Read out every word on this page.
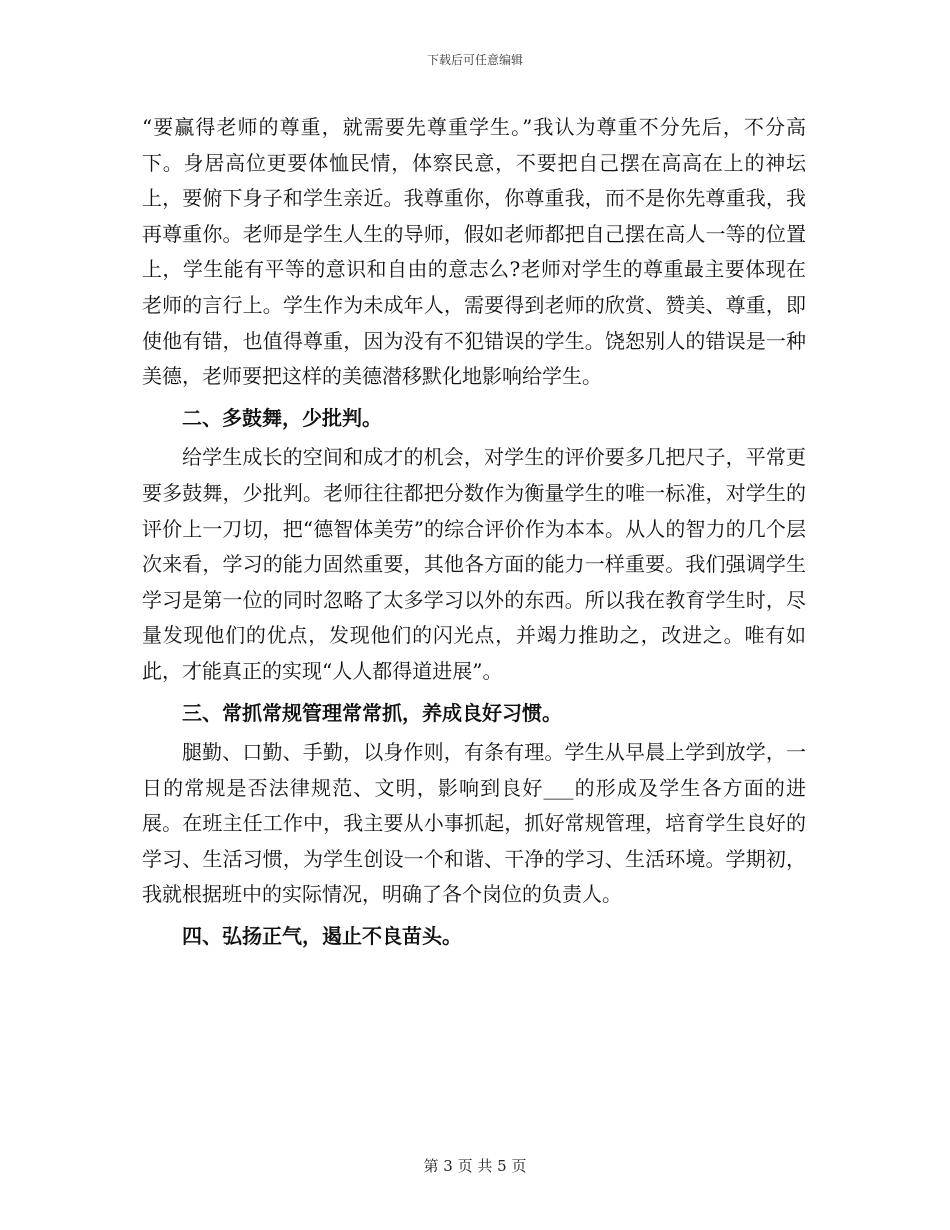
下载后可任意编辑

“要赢得老师的尊重，就需要先尊重学生。”我认为尊重不分先后，不分高下。身居高位更要体恤民情，体察民意，不要把自己摆在高高在上的神坛上，要俯下身子和学生亲近。我尊重你，你尊重我，而不是你先尊重我，我再尊重你。老师是学生人生的导师，假如老师都把自己摆在高人一等的位置上，学生能有平等的意识和自由的意志么?老师对学生的尊重最主要体现在老师的言行上。学生作为未成年人，需要得到老师的欣赏、赞美、尊重，即使他有错，也值得尊重，因为没有不犯错误的学生。饶恕别人的错误是一种美德，老师要把这样的美德潜移默化地影响给学生。

二、多鼓舞，少批判。

给学生成长的空间和成才的机会，对学生的评价要多几把尺子，平常更要多鼓舞，少批判。老师往往都把分数作为衡量学生的唯一标准，对学生的评价上一刀切，把“德智体美劳”的综合评价作为本本。从人的智力的几个层次来看，学习的能力固然重要，其他各方面的能力一样重要。我们强调学生学习是第一位的同时忽略了太多学习以外的东西。所以我在教育学生时，尽量发现他们的优点，发现他们的闪光点，并竭力推助之，改进之。唯有如此，才能真正的实现“人人都得道进展”。

三、常抓常规管理常常抓，养成良好习惯。

腿勤、口勤、手勤，以身作则，有条有理。学生从早晨上学到放学，一日的常规是否法律规范、文明，影响到良好___的形成及学生各方面的进展。在班主任工作中，我主要从小事抓起，抓好常规管理，培育学生良好的学习、生活习惯，为学生创设一个和谐、干净的学习、生活环境。学期初，我就根据班中的实际情况，明确了各个岗位的负责人。

四、弘扬正气，遏止不良苗头。

第 3 页 共 5 页
